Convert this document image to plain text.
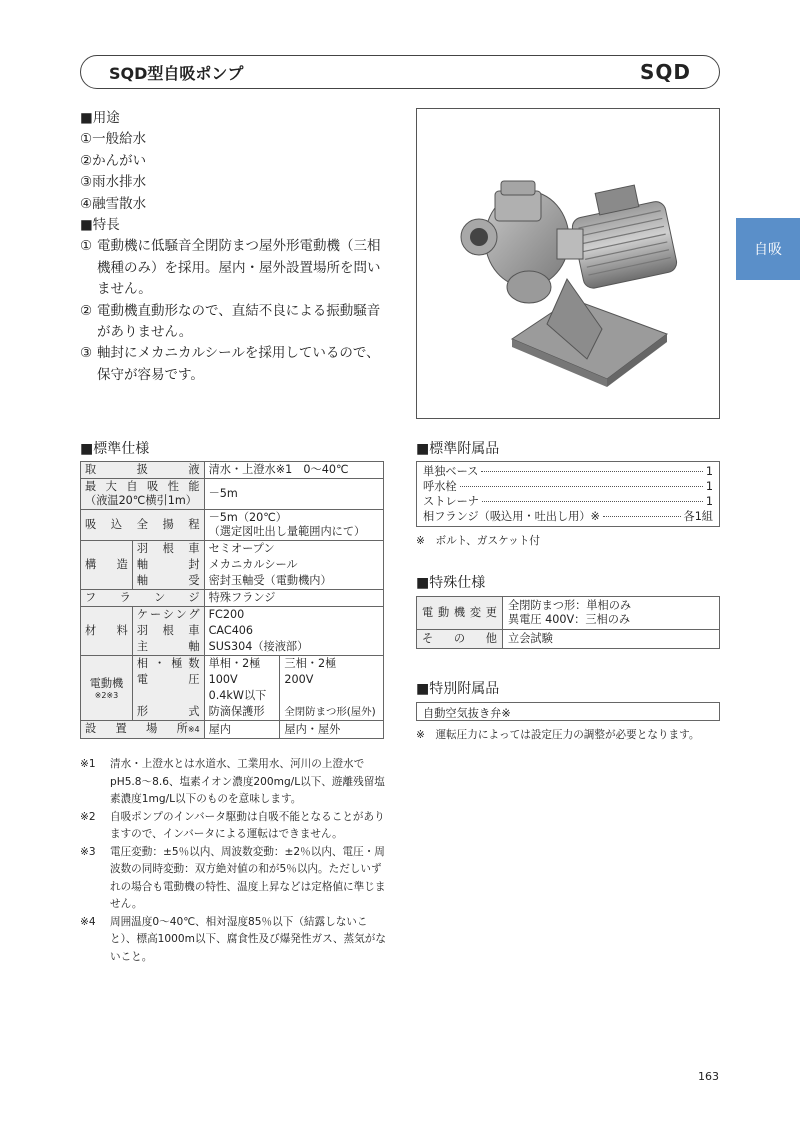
SQD型自吸ポンプ	SQD
自吸
■ 用途
①一般給水
②かんがい
③雨水排水
④融雪散水
■ 特長
① 電動機に低騒音全閉防まつ屋外形電動機（三相
機種のみ）を採用。屋内・屋外設置場所を問い
ません。
② 電動機直動形なので、直結不良による振動騒音
がありません。
③ 軸封にメカニカルシールを採用しているので、
保守が容易です。
■ 標準仕様
取　扱　液		清水・上澄水※1　0～40℃	

最大自吸性能
（液温20℃横引1m）		－5m	

吸込全揚程		－5m（20℃）
（選定図吐出し量範囲内にて）	

構　造	羽根車	セミオープン	

	軸　封	メカニカルシール	

	軸　受	密封玉軸受（電動機内）	

フランジ		特殊フランジ	

材　料	ケーシング	FC200	

	羽根車	CAC406	

	主　軸	SUS304（接液部）	

電動機
※2※3	相・極数	単相・2極	三相・2極

	電　圧	100V	200V
		0.4kW以下	

	形　式	防滴保護形	全閉防まつ形(屋外)

設置場所 ※4		屋内	屋内・屋外
※1	清水・上澄水とは水道水、工業用水、河川の上澄水でpH5.8～8.6、塩素イオン濃度200mg/L以下、遊離残留塩素濃度1mg/L以下のものを意味します。
※2	自吸ポンプのインバータ駆動は自吸不能となることがありますので、インバータによる運転はできません。
※3	電圧変動：±5％以内、周波数変動：±2％以内、電圧・周波数の同時変動：双方絶対値の和が5％以内。ただしいずれの場合も電動機の特性、温度上昇などは定格値に準じません。
※4	周囲温度0～40℃、相対湿度85％以下（結露しないこと）、標高1000m以下、腐食性及び爆発性ガス、蒸気がないこと。
■ 標準附属品
単独ベース	1
呼水栓	1
ストレーナ	1
相フランジ（吸込用・吐出し用）※	各1組
※　ボルト、ガスケット付
■ 特殊仕様
電動機変更	全閉防まつ形：単相のみ
異電圧 400V：三相のみ

そ　の　他	立会試験
■ 特別附属品
自動空気抜き弁※
※　運転圧力によっては設定圧力の調整が必要となります。
163
